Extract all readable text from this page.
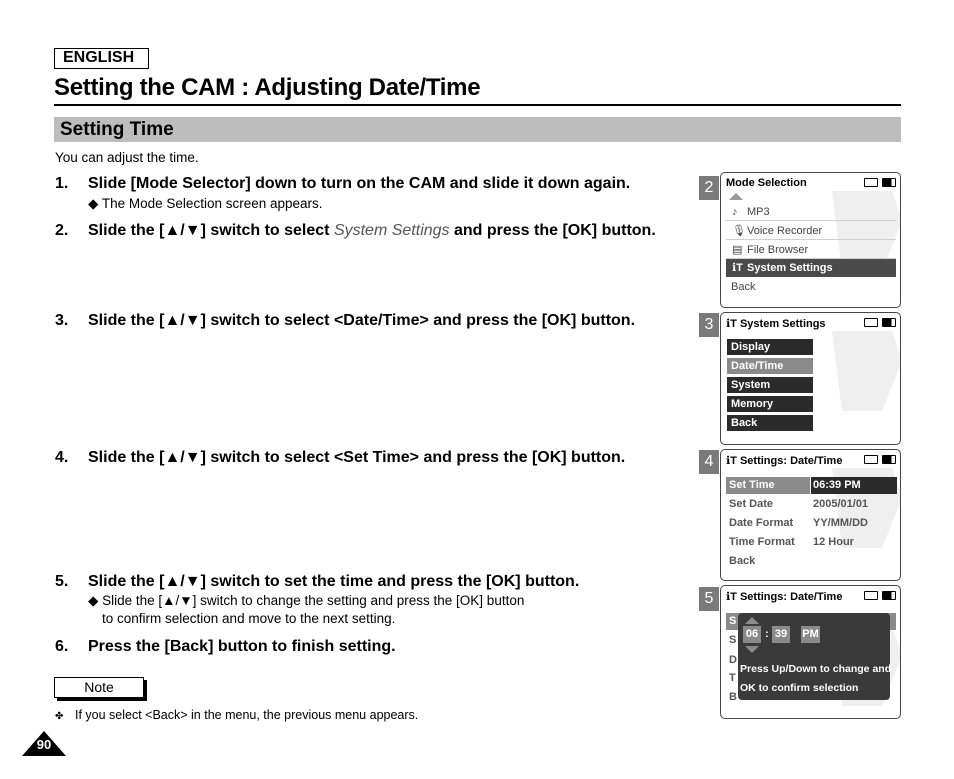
ENGLISH
Setting the CAM : Adjusting Date/Time
Setting Time
You can adjust the time.
1. Slide [Mode Selector] down to turn on the CAM and slide it down again.
◆ The Mode Selection screen appears.
2. Slide the [▲/▼] switch to select System Settings and press the [OK] button.
3. Slide the [▲/▼] switch to select <Date/Time> and press the [OK] button.
4. Slide the [▲/▼] switch to select <Set Time> and press the [OK] button.
5. Slide the [▲/▼] switch to set the time and press the [OK] button.
◆ Slide the [▲/▼] switch to change the setting and press the [OK] button
to confirm selection and move to the next setting.
6. Press the [Back] button to finish setting.
Note
✤ If you select <Back> in the menu, the previous menu appears.
90
2	Mode Selection
♪ MP3
🎙 Voice Recorder
▤ File Browser
ℹT System Settings
Back
3	ℹT System Settings
Display
Date/Time
System
Memory
Back
4	ℹT Settings: Date/Time
Set Time	06:39 PM
Set Date	2005/01/01
Date Format	YY/MM/DD
Time Format	12 Hour
Back
5	ℹT Settings: Date/Time
S
S
D
T
B
06 : 39 PM
Press Up/Down to change and
OK to confirm selection
